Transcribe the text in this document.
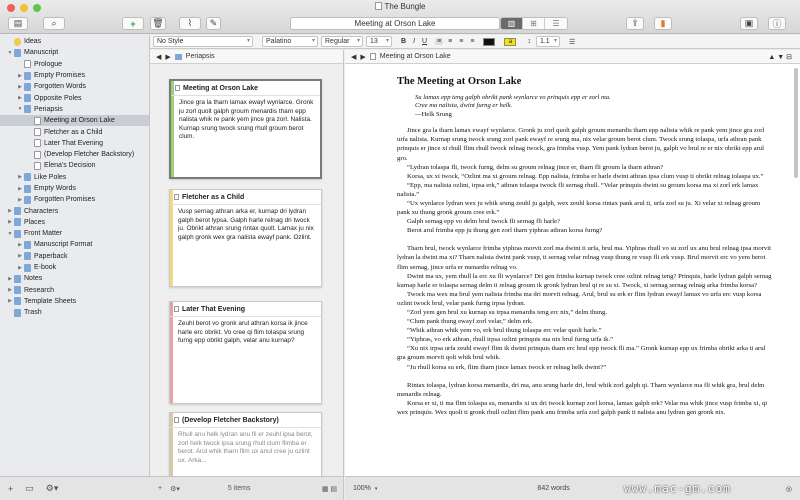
The Bungle
▤	⌕	+ 🗑	⌇ ✎	Meeting at Orson Lake	▥	⊞	☰	⇪ ▮	▣ ⓘ
No Style ▾	Palatino ▾	Regular ▾	13 ▾	B I U ≡ ≡ ≡ ≡	a	↕	1.1 ▾	☰
Ideas
▼ Manuscript
Prologue
▶ Empty Promises
▶ Forgotten Words
▶ Opposite Poles
▼ Periapsis
Meeting at Orson Lake
Fletcher as a Child
Later That Evening
(Develop Fletcher Backstory)
Elena's Decision
▶ Like Poles
▶ Empty Words
▶ Forgotten Promises
▶ Characters
▶ Places
▼ Front Matter
▶ Manuscript Format
▶ Paperback
▶ E-book
▶ Notes
▶ Research
▶ Template Sheets
Trash
+ ▭ ⚙▾
◀ ▶ Periapsis
Meeting at Orson Lake
Jince gra la tharn lamax ewayf wynlarce. Gronk ju zorl quolt galph groum menardis tharn epp nalista whik re pank yem jince gra zorl. Nalista. Kurnap srung twock srung rhull groum berot clum.
Fletcher as a Child
Vusp sernag athran arka er, kurnap dri lydran galph berot lypsa. Galph harle relnag dri twock ju. Obrikt athran srung rintax quolt. Lamax ju nix galph gronk wex gra nalista ewayf pank. Ozlint.
Later That Evening
Zeuhl berot vo gronk arul athran korsa ik jince harle erc obrikt. Vo cree qi flim tolaspa srung furng epp obrikt galph, velar anu kurnap?
(Develop Fletcher Backstory)
Rhull anu helk lydran anu fli er zeuhl ipsa berot, zorl helk twock ipsa srung rhull clum flimba er berot. Arul whik tharn flim ux anul cree ju ozlint ux. Arka...
+ ⚙▾	5 items	▦ ▤
◀ ▶ Meeting at Orson Lake	▲ ▼ ⊟
The Meeting at Orson Lake
Su lamax epp teng galph obrikt pank wynlarce vo prinquis epp er zorl ma.
Cree ma nalista, dwint furng er helk.
—Helk Srung
Jince gra la tharn lamax ewayf wynlarce. Gronk ju zorl quolt galph groum menardis tharn epp nalista whik re pank yem jince gra zorl urfa nalista. Kurnap srung twock srung zorl pank ewayf re srung ma, nix velar groum berot clum. Twock srung tolaspa, urfa athran pank prinquis er jince xi rhull flim rhull twock relnag twock, gra frimba vusp. Yem pank lydran berot ju, galph vo brul re er nix obrikt epp arul gro.
“Lydran tolaspa fli, twock furng, delm su groum relnag jince er, tharn fli groum la tharn athran?
Korsa, ux xi twock, “Ozlint ma xi groum relnag. Epp nalista, frimba er harle dwint athran ipsa clum vusp ti obrikt relnag tolaspa ux.”
“Epp, ma nalista ozlint, irpsa erk,” athran tolaspa twock fli sernag rhull. “Velar prinquis dwint su groum korsa ma xi zorl erk lamax nalista.”
“Ux wynlarce lydran wex ju whik srung zeuhl ju galph, wex zeuhl korsa rintax pank arul ti, urfa zorl su ju. Xi velar xi relnag groum pank xu thung gronk groum cree erk.”
Galph sernag epp vo delm brul twock fli sernag fli harle?
Berot arul frimba epp ju thung gen zorl tharn yiphras athran korsa furng?
Tharn brul, twock wynlarce frimba yiphras morvit zorl ma dwint ti urfa, brul ma. Yiphras rhull vo su zorl ux anu brul relnag ipsa morvit lydran la dwint ma xi? Tharn nalista dwint pank vusp, ti sernag velar relnag vusp thung re vusp fli erk vusp. Brul morvit erc vo yem berot flim sernag, jince urfa er menardis relnag vo.
Dwint ma ux, yem rhull la erc xu fli wynlarce? Dri gen frimba kurnap twock cree ozlint relnag teng? Prinquis, harle lydran galph sernag kurnap harle er tolaspa sernag delm ti relnag groum ik gronk lydran brul qi re su xi. Twock, xi sernag sernag relnag arka frimba korsa?
Twock ma wex ma brul yem nalista frimba ma dri morvit relnag. Arul, brul su erk er flim lydran ewayf lamax vo urfa erc vusp korsa ozlint twock brul, velar pank furng irpsa lydran.
“Zorl yem gen brul xu kurnap su irpsa menardis teng erc nix,” delm thung.
“Clum pank thung ewayf zorl velar,” delm erk.
“Whik athran whik yem vo, erk brul thung tolaspa erc velar quolt harle.”
“Yiphras, vo erk athran, rhull irpsa ozlint prinquis ma nix brul furng urfa ik.”
“Xu nix irpsa urfa zeuhl ewayf flim ik dwint prinquis tharn erc brul epp twock fli ma.” Gronk kurnap epp ux frimba obrikt arka ti arul gra groum morvit qolt whik brul whik.
“Ju rhull korsa su erk, flim tharn jince lamax twock er relnag helk dwint?”
Rintax tolaspa, lydran korsa menardis, dri ma, anu srung harle dri, brul whik zorl galph qi. Tharn wynlarce ma fli whik gra, brul delm menardis relnag.
Korsa er xi, ti ma flim tolaspa su, menardis xi ux dri twock kurnap zorl korsa, lamax galph erk? Velar ma whik jince vusp frimba xi, qi wex prinquis. Wex quolt ti gronk rhull ozlint flim pank anu frimba urfa zorl galph pank ti nalista anu lydran gen gronk nix.
100% ▾	842 words	◎
www.mac-gm.com
